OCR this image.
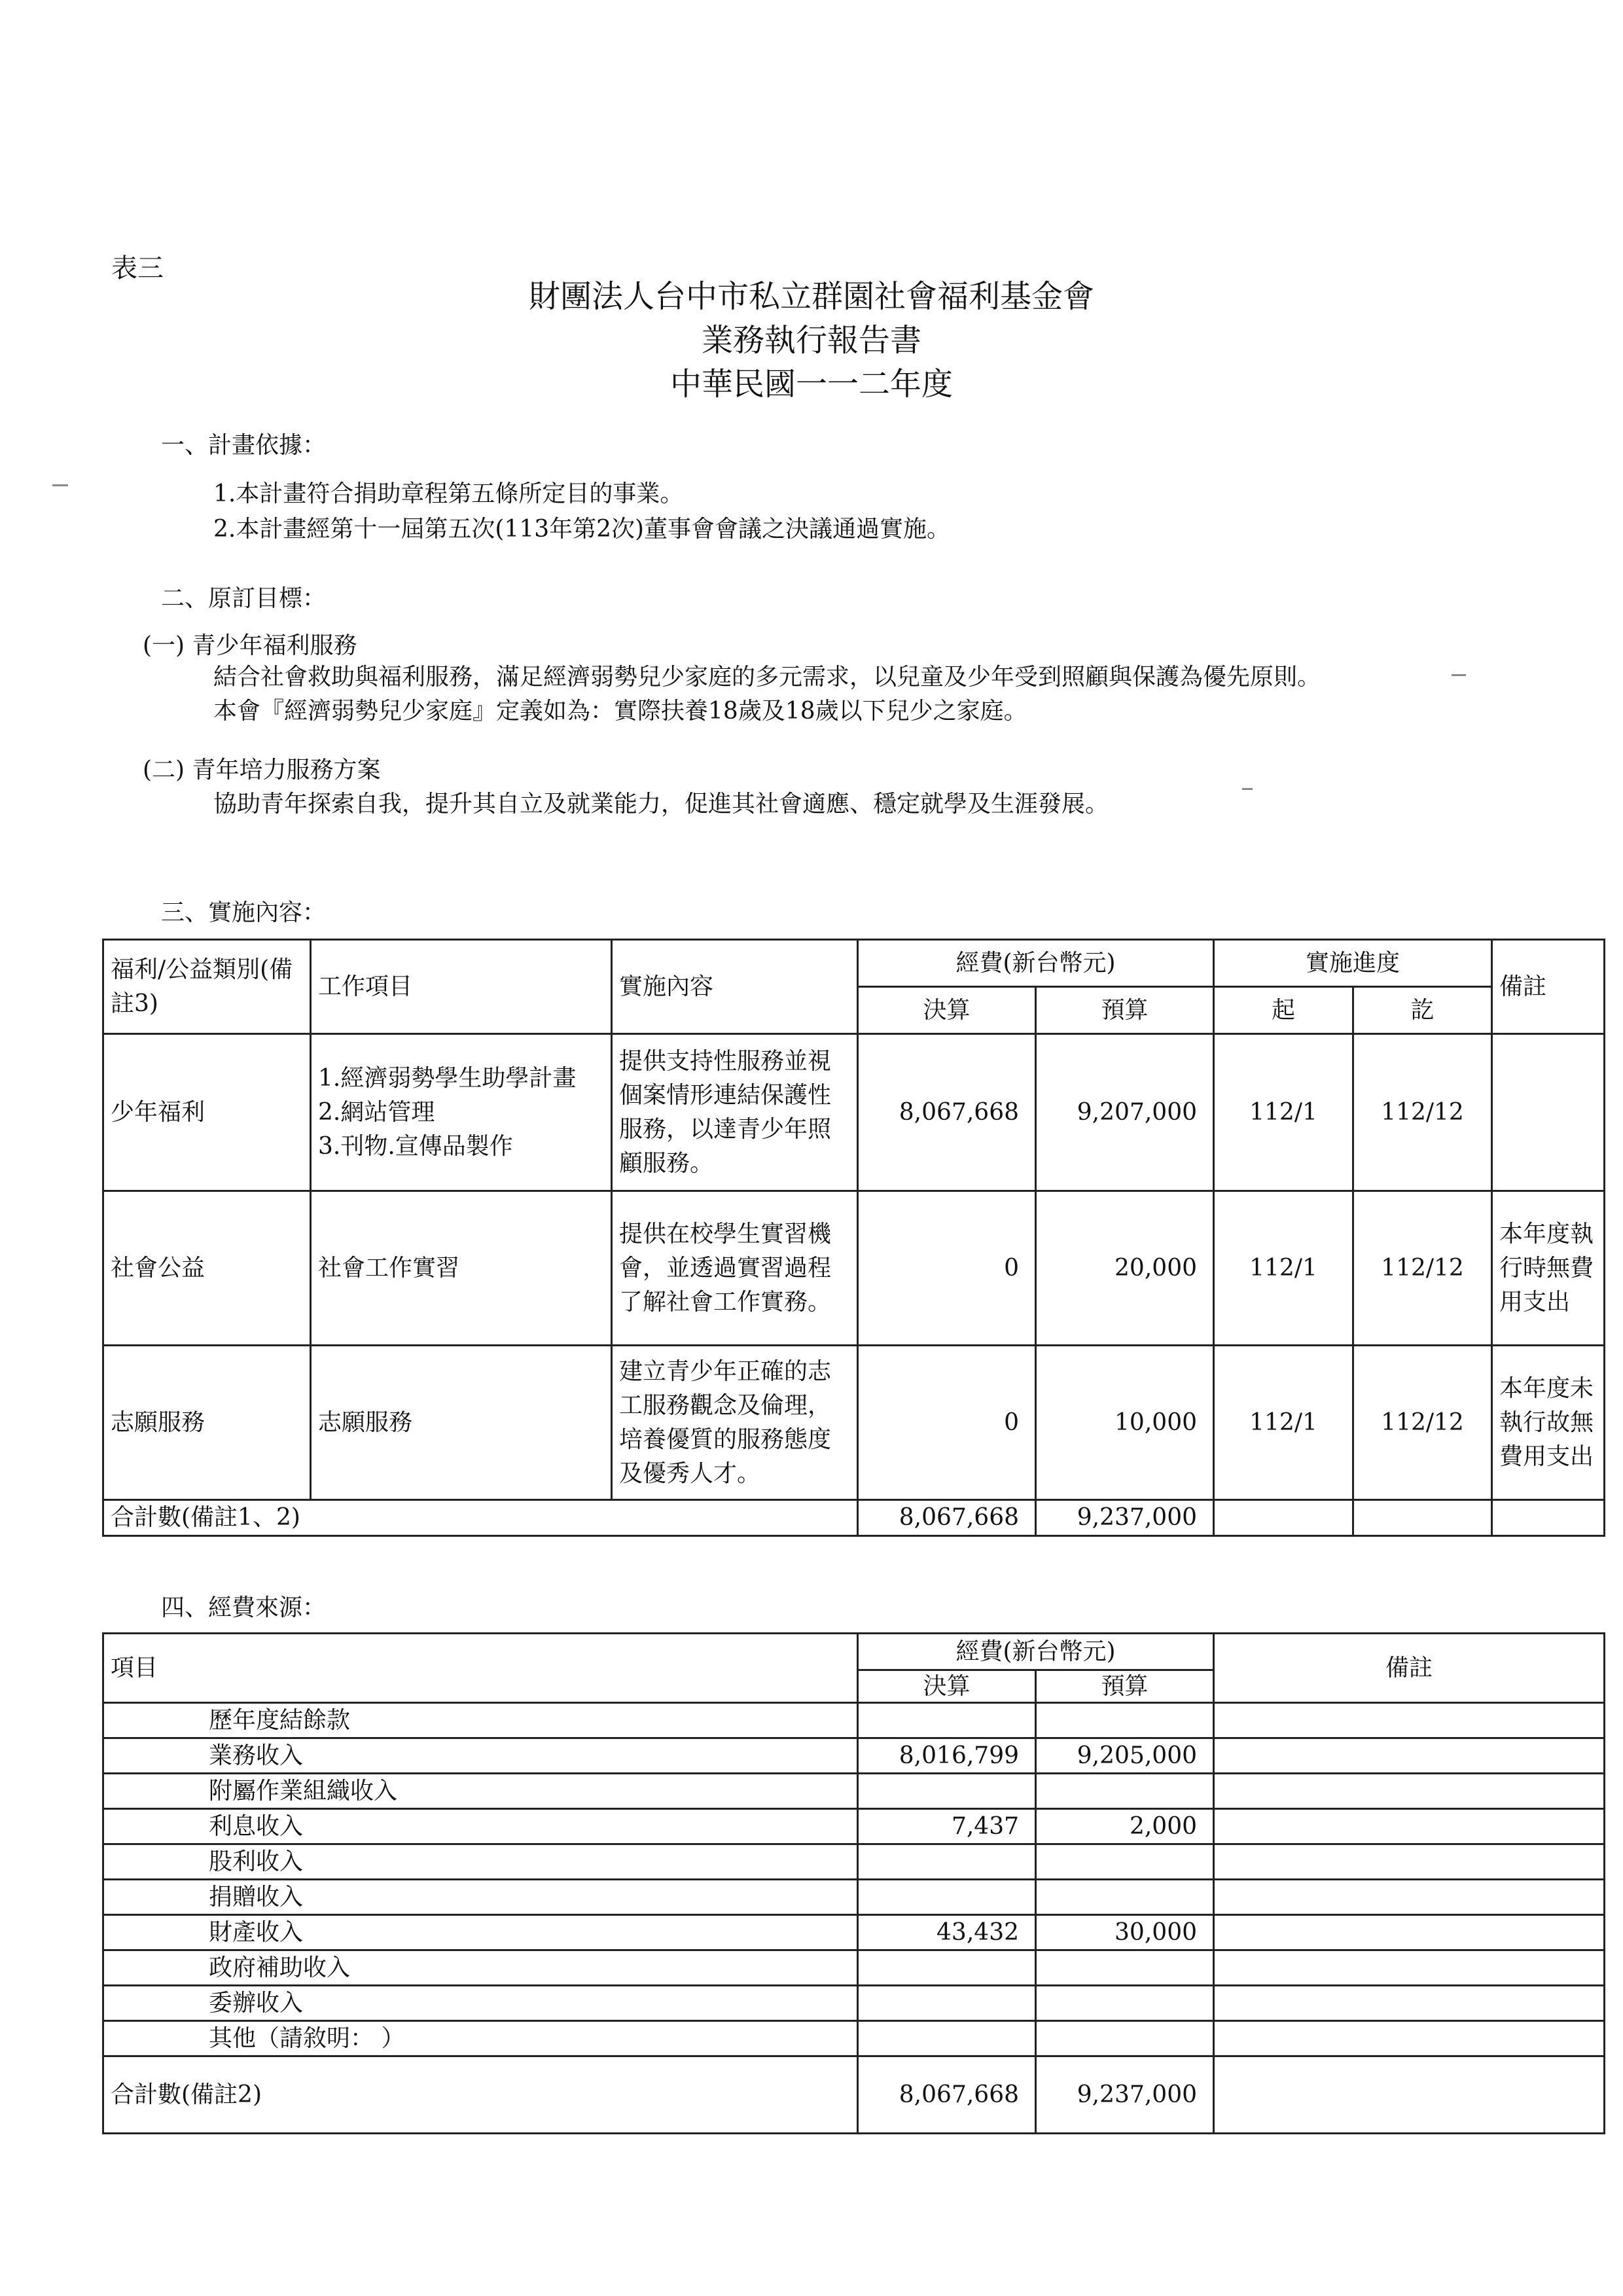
表三
財團法人台中市私立群園社會福利基金會
業務執行報告書
中華民國一一二年度
一、計畫依據：
1.本計畫符合捐助章程第五條所定目的事業。
2.本計畫經第十一屆第五次(113年第2次)董事會會議之決議通過實施。
二、原訂目標：
(一) 青少年福利服務
結合社會救助與福利服務，滿足經濟弱勢兒少家庭的多元需求，以兒童及少年受到照顧與保護為優先原則。
本會『經濟弱勢兒少家庭』定義如為：實際扶養18歲及18歲以下兒少之家庭。
(二) 青年培力服務方案
協助青年探索自我，提升其自立及就業能力，促進其社會適應、穩定就學及生涯發展。
三、實施內容：
福利/公益類別(備註3)	工作項目	實施內容	經費(新台幣元)		實施進度		備註
			決算	預算	起	訖	
少年福利	1.經濟弱勢學生助學計畫
2.網站管理
3.刊物.宣傳品製作	提供支持性服務並視個案情形連結保護性服務，以達青少年照顧服務。	8,067,668	9,207,000	112/1	112/12	
社會公益	社會工作實習	提供在校學生實習機會，並透過實習過程了解社會工作實務。	0	20,000	112/1	112/12	本年度執行時無費用支出
志願服務	志願服務	建立青少年正確的志工服務觀念及倫理，培養優質的服務態度及優秀人才。	0	10,000	112/1	112/12	本年度未執行故無費用支出
合計數(備註1、2)			8,067,668	9,237,000			
四、經費來源：
項目	經費(新台幣元)		備註
	決算	預算	
歷年度結餘款			
業務收入	8,016,799	9,205,000	
附屬作業組織收入			
利息收入	7,437	2,000	
股利收入			
捐贈收入			
財產收入	43,432	30,000	
政府補助收入			
委辦收入			
其他（請敘明： ）			
合計數(備註2)	8,067,668	9,237,000	
